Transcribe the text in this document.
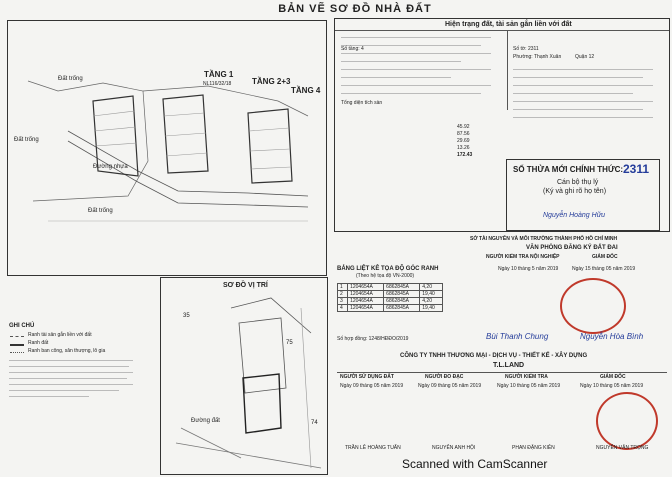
BẢN VẼ SƠ ĐỒ NHÀ ĐẤT
TẦNG 1
TẦNG 2+3
TẦNG 4
Đất trống
Đất trống
Đất trống
Đường nhựa
NL116/32/18
GHI CHÚ
Ranh tài sản gắn liền với đất
Ranh đất
Ranh ban công, sân thượng, lô gia
SƠ ĐỒ VỊ TRÍ
Đường đất
35
75
74
BẢNG LIỆT KÊ TỌA ĐỘ GÓC RANH
(Theo hệ tọa độ VN-2000)
1	1204654A	6862845A	4,20
2	1204654A	6862845A	19,40
3	1204654A	6862845A	4,20
4	1204654A	6862845A	19,40
Số hợp đồng: 1248/HĐĐO/2019
Hiện trạng đất, tài sản gắn liền với đất
Tổng diện tích sàn
Số tầng: 4
45.92
87.56
29.69
13.26
172.43
Số tờ: 2311
Phường: Thạnh Xuân	Quận 12
SỐ THỬA MỚI CHÍNH THỨC: 2311
Cán bộ thụ lý
(Ký và ghi rõ họ tên)
Nguyễn Hoàng Hữu
SỞ TÀI NGUYÊN VÀ MÔI TRƯỜNG THÀNH PHỐ HỒ CHÍ MINH
VĂN PHÒNG ĐĂNG KÝ ĐẤT ĐAI
NGƯỜI KIỂM TRA NỘI NGHIỆP	GIÁM ĐỐC
Ngày 10 tháng 5 năm 2019	Ngày 15 tháng 05 năm 2019
Bùi Thanh Chung	Nguyễn Hòa Bình
CÔNG TY TNHH THƯƠNG MẠI - DỊCH VỤ - THIẾT KẾ - XÂY DỰNG
T.L.LAND
NGƯỜI SỬ DỤNG ĐẤT	NGƯỜI ĐO ĐẠC	NGƯỜI KIỂM TRA	GIÁM ĐỐC
Ngày 09 tháng 05 năm 2019	Ngày 09 tháng 05 năm 2019	Ngày 10 tháng 05 năm 2019	Ngày 10 tháng 05 năm 2019
TRẦN LÊ HOÀNG TUẤN	NGUYỄN ANH HỘI	PHAN ĐẶNG KIÊN	NGUYỄN VĂN TRỌNG
Scanned with CamScanner
